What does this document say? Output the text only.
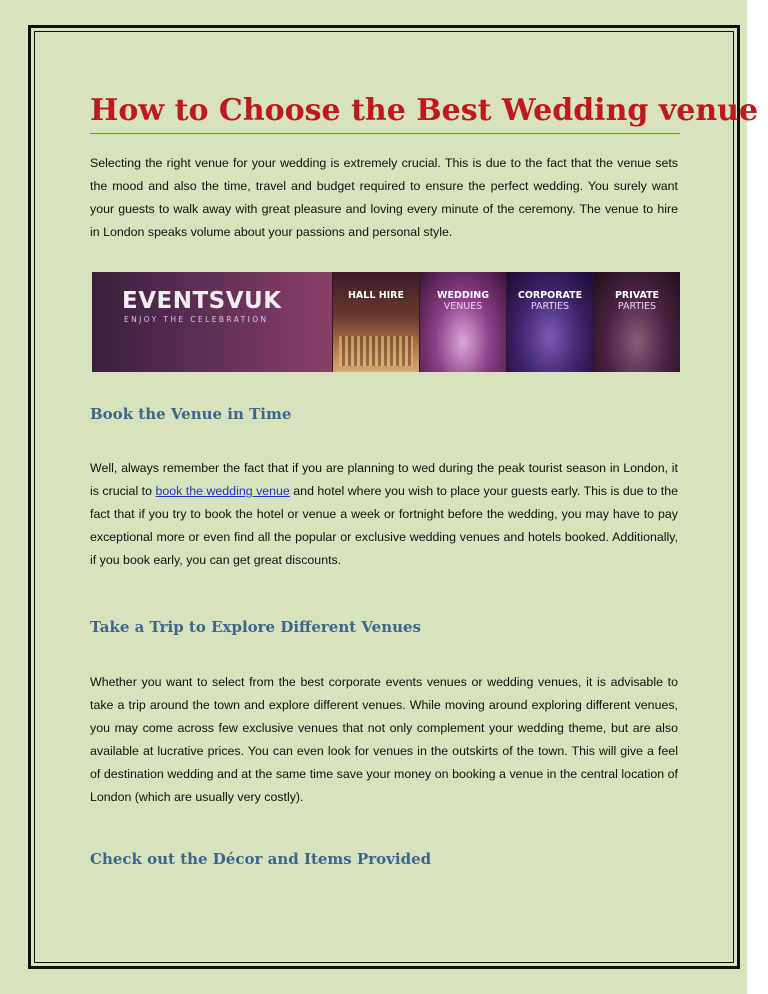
How to Choose the Best Wedding venue

Selecting the right venue for your wedding is extremely crucial. This is due to the fact that the venue sets the mood and also the time, travel and budget required to ensure the perfect wedding. You surely want your guests to walk away with great pleasure and loving every minute of the ceremony. The venue to hire in London speaks volume about your passions and personal style.

EVENTSVUK
ENJOY THE CELEBRATION
HALL HIRE	WEDDING
VENUES
CORPORATE
PARTIES
PRIVATE
PARTIES
Book the Venue in Time

Well, always remember the fact that if you are planning to wed during the peak tourist season in London, it is crucial to book the wedding venue and hotel where you wish to place your guests early. This is due to the fact that if you try to book the hotel or venue a week or fortnight before the wedding, you may have to pay exceptional more or even find all the popular or exclusive wedding venues and hotels booked. Additionally, if you book early, you can get great discounts.

Take a Trip to Explore Different Venues

Whether you want to select from the best corporate events venues or wedding venues, it is advisable to take a trip around the town and explore different venues. While moving around exploring different venues, you may come across few exclusive venues that not only complement your wedding theme, but are also available at lucrative prices. You can even look for venues in the outskirts of the town. This will give a feel of destination wedding and at the same time save your money on booking a venue in the central location of London (which are usually very costly).

Check out the Décor and Items Provided
